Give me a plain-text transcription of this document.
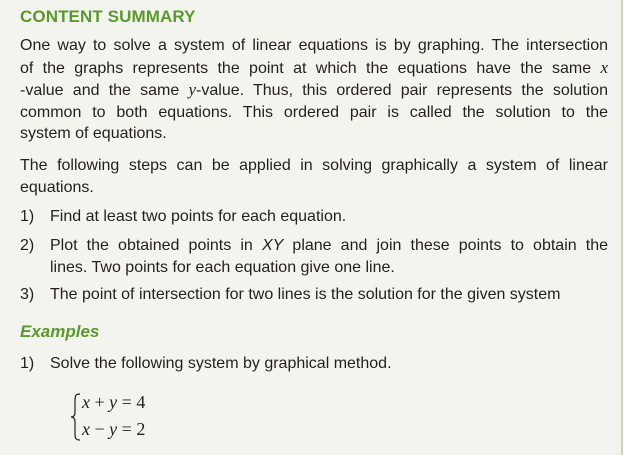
CONTENT SUMMARY
One way to solve a system of linear equations is by graphing. The intersection
of the graphs represents the point at which the equations have the same x
-value and the same y-value. Thus, this ordered pair represents the solution
common to both equations. This ordered pair is called the solution to the
system of equations.
The following steps can be applied in solving graphically a system of linear
equations.
1) Find at least two points for each equation.
2) Plot the obtained points in XY plane and join these points to obtain the
lines. Two points for each equation give one line.
3) The point of intersection for two lines is the solution for the given system
Examples
1) Solve the following system by graphical method.
x + y = 4
x − y = 2
